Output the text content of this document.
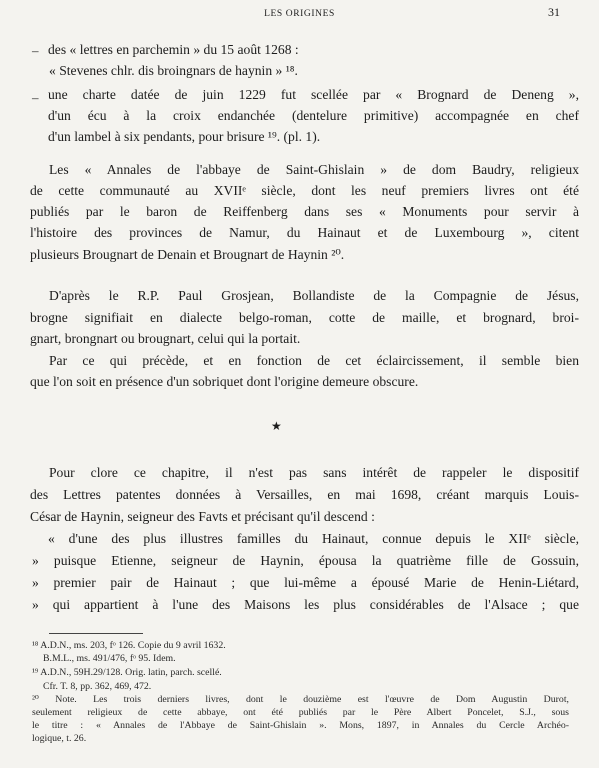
LES ORIGINES	31
– des « lettres en parchemin » du 15 août 1268 :
« Stevenes chlr. dis broingnars de haynin » ¹⁸.
– une charte datée de juin 1229 fut scellée par « Brognard de Deneng »,
d'un écu à la croix endanchée (dentelure primitive) accompagnée en chef
d'un lambel à six pendants, pour brisure ¹⁹. (pl. 1).
Les « Annales de l'abbaye de Saint-Ghislain » de dom Baudry, religieux
de cette communauté au XVIIᵉ siècle, dont les neuf premiers livres ont été
publiés par le baron de Reiffenberg dans ses « Monuments pour servir à
l'histoire des provinces de Namur, du Hainaut et de Luxembourg », citent
plusieurs Brougnart de Denain et Brougnart de Haynin ²⁰.
D'après le R.P. Paul Grosjean, Bollandiste de la Compagnie de Jésus,
brogne signifiait en dialecte belgo-roman, cotte de maille, et brognard, broi-
gnart, brongnart ou brougnart, celui qui la portait.
Par ce qui précède, et en fonction de cet éclaircissement, il semble bien
que l'on soit en présence d'un sobriquet dont l'origine demeure obscure.
★
Pour clore ce chapitre, il n'est pas sans intérêt de rappeler le dispositif
des Lettres patentes données à Versailles, en mai 1698, créant marquis Louis-
César de Haynin, seigneur des Favts et précisant qu'il descend :
« d'une des plus illustres familles du Hainaut, connue depuis le XIIᵉ siècle,
» puisque Etienne, seigneur de Haynin, épousa la quatrième fille de Gossuin,
» premier pair de Hainaut ; que lui-même a épousé Marie de Henin-Liétard,
» qui appartient à l'une des Maisons les plus considérables de l'Alsace ; que
¹⁸ A.D.N., ms. 203, fᵒ 126. Copie du 9 avril 1632.
B.M.L., ms. 491/476, fᵒ 95. Idem.
¹⁹ A.D.N., 59H.29/128. Orig. latin, parch. scellé.
Cfr. T. 8, pp. 362, 469, 472.
²⁰ Note. Les trois derniers livres, dont le douzième est l'œuvre de Dom Augustin Durot,
seulement religieux de cette abbaye, ont été publiés par le Père Albert Poncelet, S.J., sous
le titre : « Annales de l'Abbaye de Saint-Ghislain ». Mons, 1897, in Annales du Cercle Archéo-
logique, t. 26.
